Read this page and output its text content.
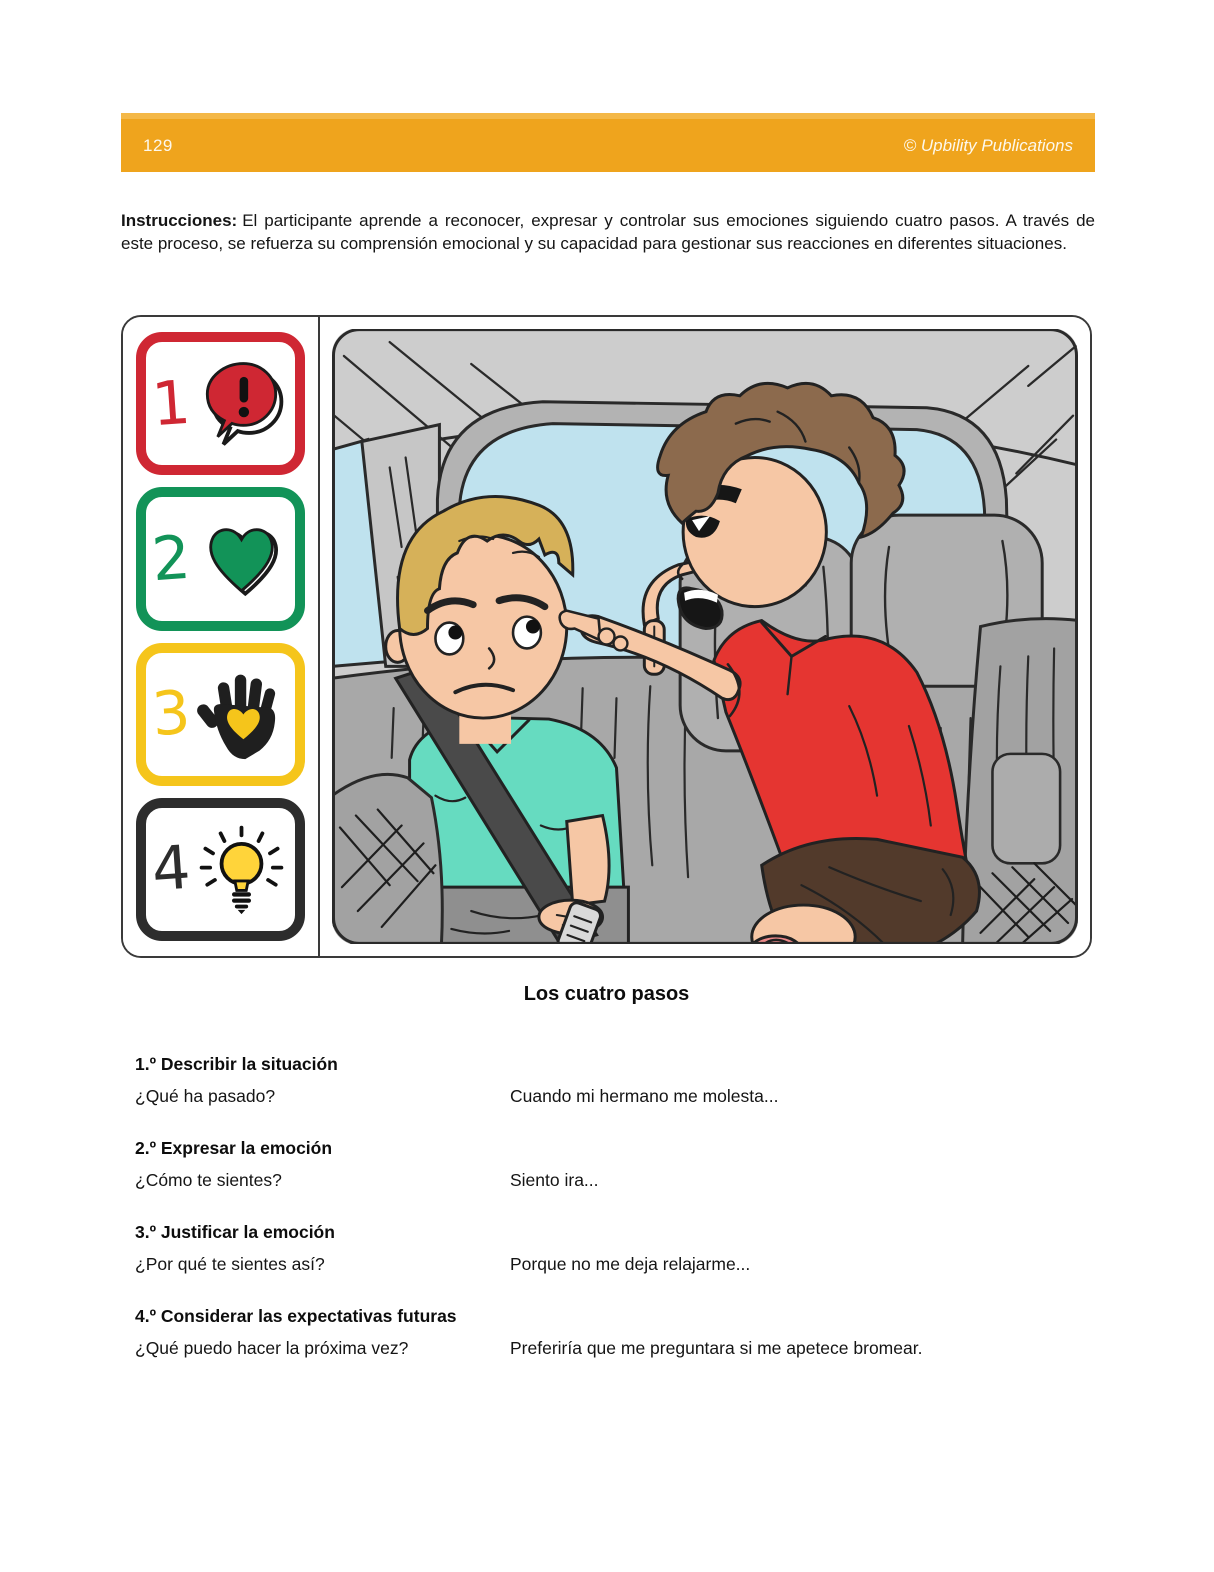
129	© Upbility Publications

Instrucciones: El participante aprende a reconocer, expresar y controlar sus emociones siguiendo cuatro pasos. A través de este proceso, se refuerza su comprensión emocional y su capacidad para gestionar sus reacciones en diferentes situaciones.

1
2
3
4
Los cuatro pasos
1.º Describir la situación
¿Qué ha pasado?	Cuando mi hermano me molesta...
2.º Expresar la emoción
¿Cómo te sientes?	Siento ira...
3.º Justificar la emoción
¿Por qué te sientes así?	Porque no me deja relajarme...
4.º Considerar las expectativas futuras
¿Qué puedo hacer la próxima vez?	Preferiría que me preguntara si me apetece bromear.
